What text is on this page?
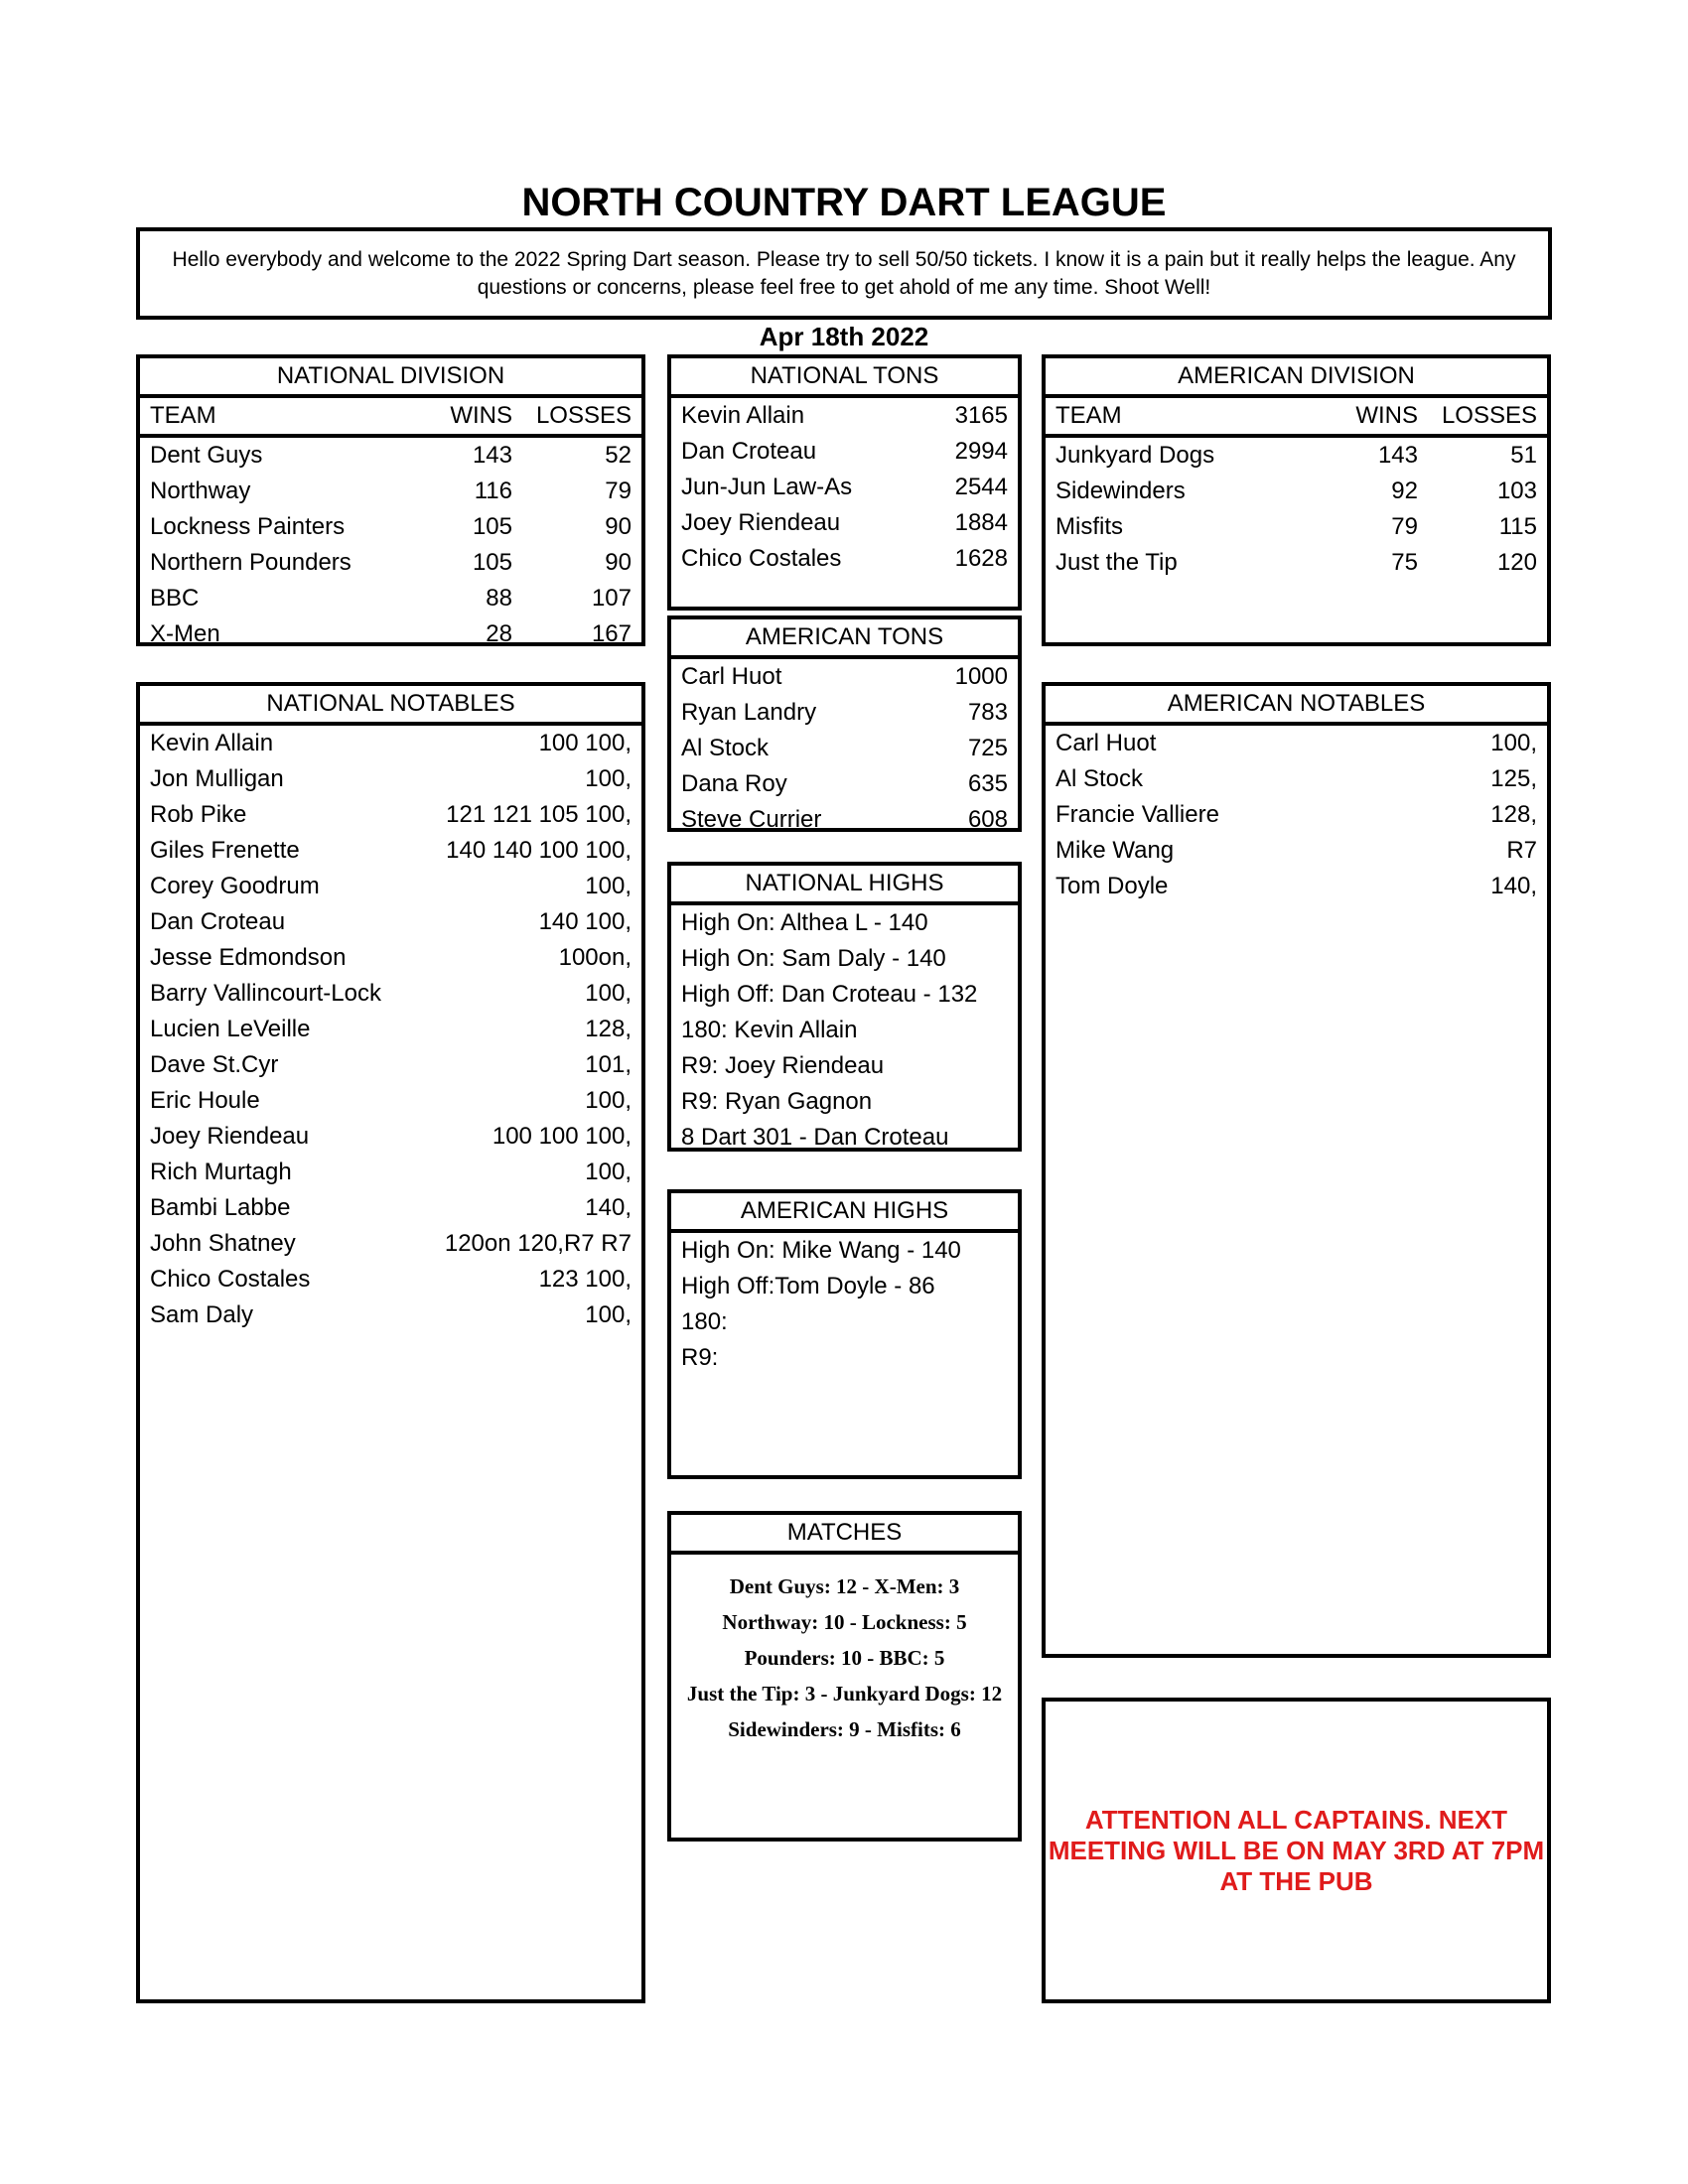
NORTH COUNTRY DART LEAGUE

Hello everybody and welcome to the 2022 Spring Dart season. Please try to sell 50/50 tickets. I know it is a pain but it really helps the league. Any questions or concerns, please feel free to get ahold of me any time. Shoot Well!

Apr 18th 2022
NATIONAL DIVISION
TEAM	WINS LOSSES
Dent Guys	143	52
Northway	116	79
Lockness Painters	105	90
Northern Pounders	105	90
BBC	88	107
X-Men	28	167
NATIONAL TONS
Kevin Allain	3165
Dan Croteau	2994
Jun-Jun Law-As	2544
Joey Riendeau	1884
Chico Costales	1628
AMERICAN DIVISION
TEAM	WINS LOSSES
Junkyard Dogs	143	51
Sidewinders	92	103
Misfits	79	115
Just the Tip	75	120
AMERICAN TONS
Carl Huot	1000
Ryan Landry	783
Al Stock	725
Dana Roy	635
Steve Currier	608
NATIONAL NOTABLES
Kevin Allain	100 100,
Jon Mulligan	100,
Rob Pike	121 121 105 100,
Giles Frenette	140 140 100 100,
Corey Goodrum	100,
Dan Croteau	140 100,
Jesse Edmondson	100on,
Barry Vallincourt-Lock	100,
Lucien LeVeille	128,
Dave St.Cyr	101,
Eric Houle	100,
Joey Riendeau	100 100 100,
Rich Murtagh	100,
Bambi Labbe	140,
John Shatney	120on 120,R7 R7
Chico Costales	123 100,
Sam Daly	100,
AMERICAN NOTABLES
Carl Huot	100,
Al Stock	125,
Francie Valliere	128,
Mike Wang	R7
Tom Doyle	140,
NATIONAL HIGHS
High On: Althea L - 140
High On: Sam Daly - 140
High Off: Dan Croteau - 132
180: Kevin Allain
R9: Joey Riendeau
R9: Ryan Gagnon
8 Dart 301 - Dan Croteau
AMERICAN HIGHS
High On: Mike Wang - 140
High Off:Tom Doyle - 86
180:
R9:
MATCHES
Dent Guys: 12 - X-Men: 3
Northway: 10 - Lockness: 5
Pounders: 10 - BBC: 5
Just the Tip: 3 - Junkyard Dogs: 12
Sidewinders: 9 - Misfits: 6
ATTENTION ALL CAPTAINS. NEXT
MEETING WILL BE ON MAY 3RD AT 7PM
AT THE PUB
